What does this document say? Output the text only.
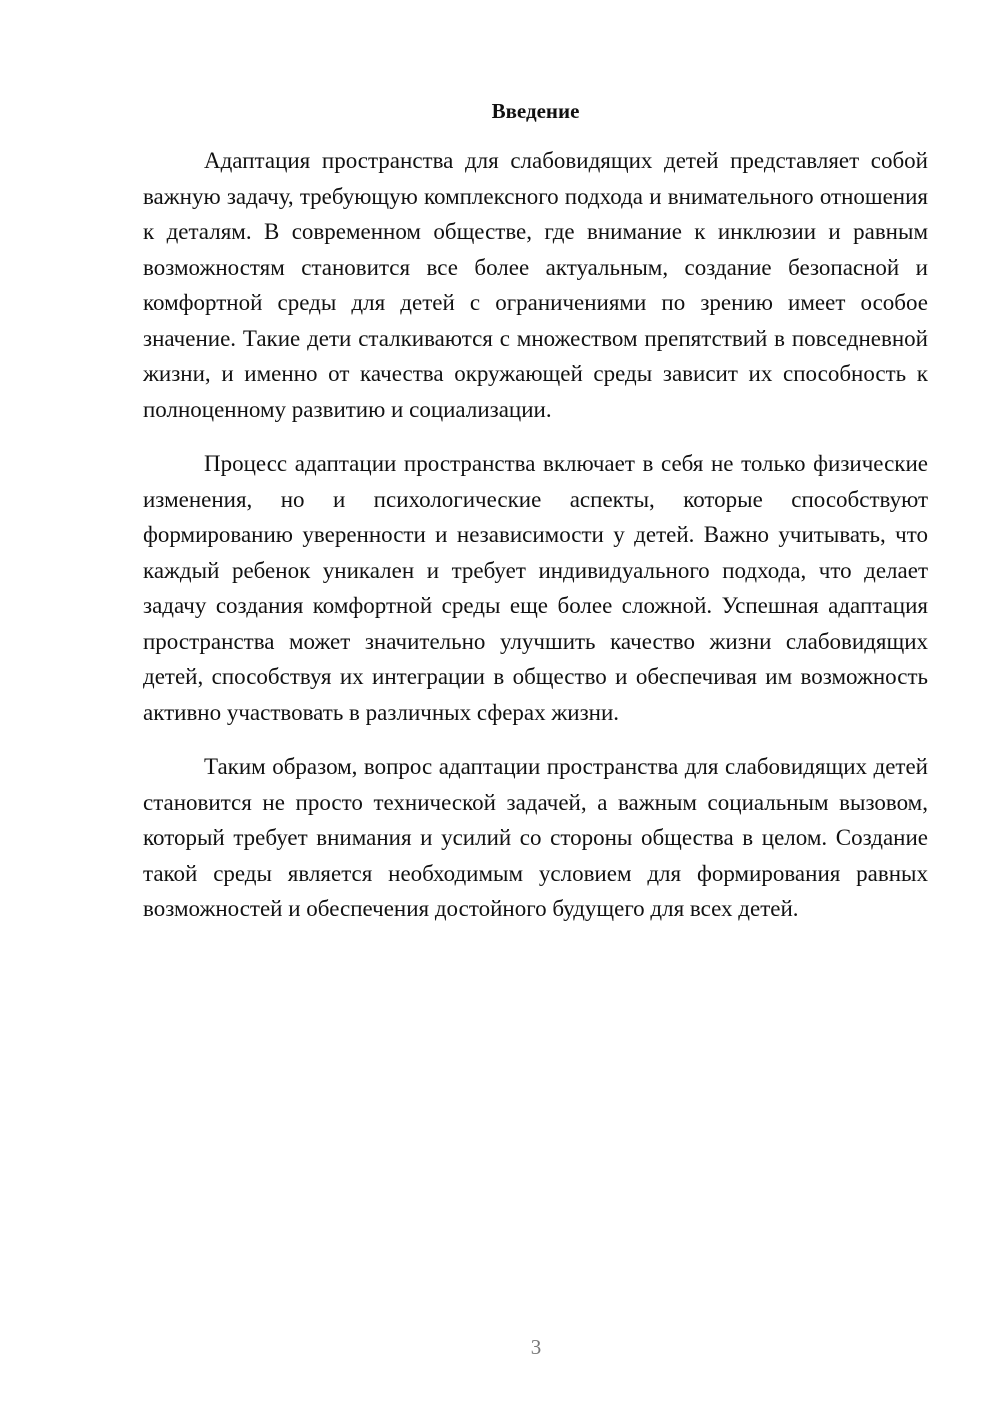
Введение

Адаптация пространства для слабовидящих детей представляет собой важную задачу, требующую комплексного подхода и внимательного отношения к деталям. В современном обществе, где внимание к инклюзии и равным возможностям становится все более актуальным, создание безопасной и комфортной среды для детей с ограничениями по зрению имеет особое значение. Такие дети сталкиваются с множеством препятствий в повседневной жизни, и именно от качества окружающей среды зависит их способность к полноценному развитию и социализации.

Процесс адаптации пространства включает в себя не только физические изменения, но и психологические аспекты, которые способствуют формированию уверенности и независимости у детей. Важно учитывать, что каждый ребенок уникален и требует индивидуального подхода, что делает задачу создания комфортной среды еще более сложной. Успешная адаптация пространства может значительно улучшить качество жизни слабовидящих детей, способствуя их интеграции в общество и обеспечивая им возможность активно участвовать в различных сферах жизни.

Таким образом, вопрос адаптации пространства для слабовидящих детей становится не просто технической задачей, а важным социальным вызовом, который требует внимания и усилий со стороны общества в целом. Создание такой среды является необходимым условием для формирования равных возможностей и обеспечения достойного будущего для всех детей.

3
